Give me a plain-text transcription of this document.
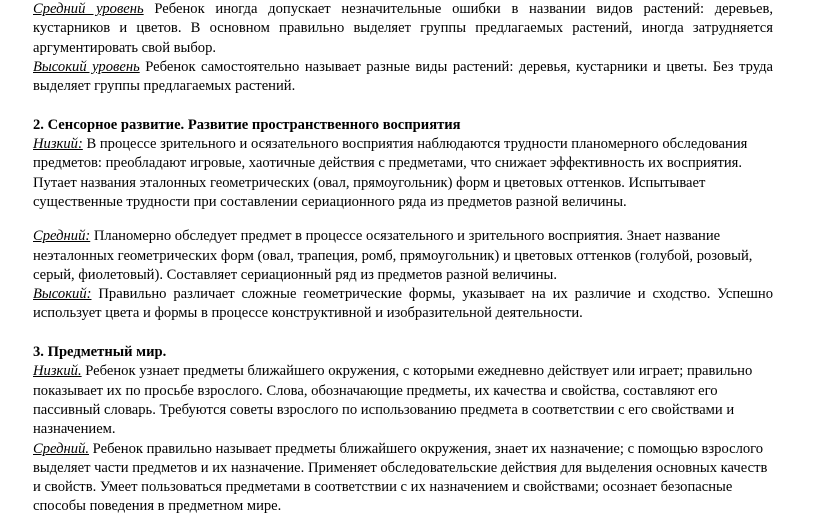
Средний уровень Ребенок иногда допускает незначительные ошибки в названии видов растений: деревьев, кустарников и цветов. В основном правильно выделяет группы предлагаемых растений, иногда затрудняется аргументировать свой выбор.

Высокий уровень Ребенок самостоятельно называет разные виды растений: деревья, кустарники и цветы. Без труда выделяет группы предлагаемых растений.

2. Сенсорное развитие. Развитие пространственного восприятия

Низкий: В процессе зрительного и осязательного восприятия наблюдаются трудности планомерного обследования предметов: преобладают игровые, хаотичные действия с предметами, что снижает эффективность их восприятия. Путает названия эталонных геометрических (овал, прямоугольник) форм и цветовых оттенков. Испытывает существенные трудности при составлении сериационного ряда из предметов разной величины.

Средний: Планомерно обследует предмет в процессе осязательного и зрительного восприятия. Знает название неэталонных геометрических форм (овал, трапеция, ромб, прямоугольник) и цветовых оттенков (голубой, розовый, серый, фиолетовый). Составляет сериационный ряд из предметов разной величины.

Высокий: Правильно различает сложные геометрические формы, указывает на их различие и сходство. Успешно использует цвета и формы в процессе конструктивной и изобразительной деятельности.

3. Предметный мир.

Низкий. Ребенок узнает предметы ближайшего окружения, с которыми ежедневно действует или играет; правильно показывает их по просьбе взрослого. Слова, обозначающие предметы, их качества и свойства, составляют его пассивный словарь. Требуются советы взрослого по использованию предмета в соответствии с его свойствами и назначением.

Средний. Ребенок правильно называет предметы ближайшего окружения, знает их назначение; с помощью взрослого выделяет части предметов и их назначение. Применяет обследовательские действия для выделения основных качеств и свойств. Умеет пользоваться предметами в соответствии с их назначением и свойствами; осознает безопасные способы поведения в предметном мире.
